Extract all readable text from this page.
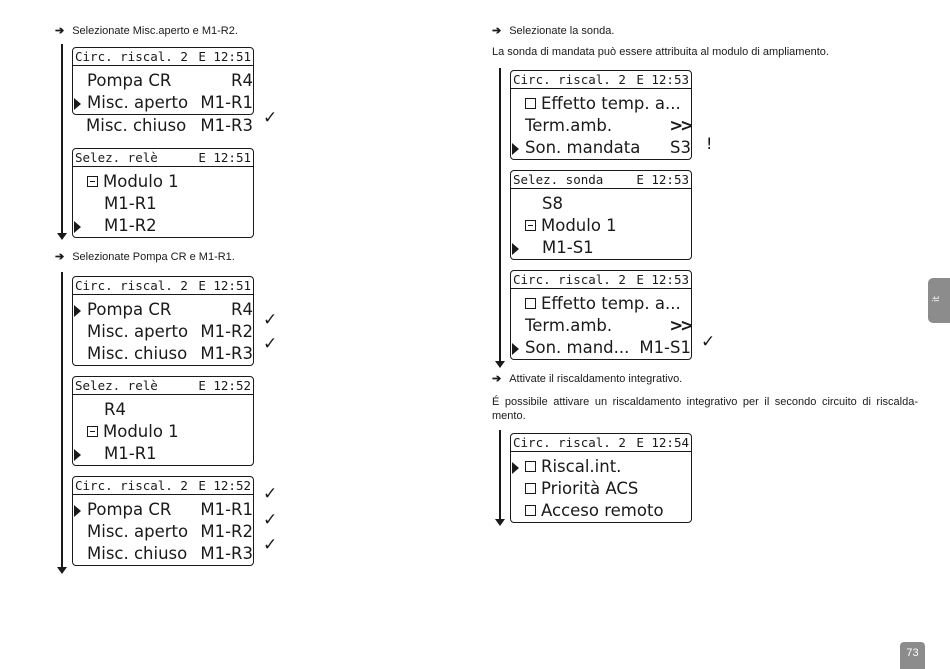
➔ Selezionate Misc.aperto e M1-R2.
Circ. riscal. 2 E 12:51
Pompa CR	R4
Misc. aperto M1-R1
Misc. chiuso M1-R3 ✓
Selez. relè	E 12:51
Modulo 1
M1-R1
M1-R2
➔ Selezionate Pompa CR e M1-R1.
Circ. riscal. 2 E 12:51
Pompa CR	R4
Misc. aperto M1-R2
Misc. chiuso M1-R3
✓
✓
Selez. relè	E 12:52
R4
Modulo 1
M1-R1
Circ. riscal. 2 E 12:52
Pompa CR M1-R1
Misc. aperto M1-R2
Misc. chiuso M1-R3
✓
✓
✓
➔ Selezionate la sonda.
La sonda di mandata può essere attribuita al modulo di ampliamento.
Circ. riscal. 2 E 12:53
Effetto temp. a...
Term.amb.	>>
Son. mandata S3 !
Selez. sonda	E 12:53
S8
Modulo 1
M1-S1
Circ. riscal. 2 E 12:53
Effetto temp. a...
Term.amb.	>>
Son. mand... M1-S1 ✓
➔ Attivate il riscaldamento integrativo.
É possibile attivare un riscaldamento integrativo per il secondo circuito di riscalda-mento.
Circ. riscal. 2 E 12:54
Riscal.int.
Priorità ACS
Acceso remoto
it
73
